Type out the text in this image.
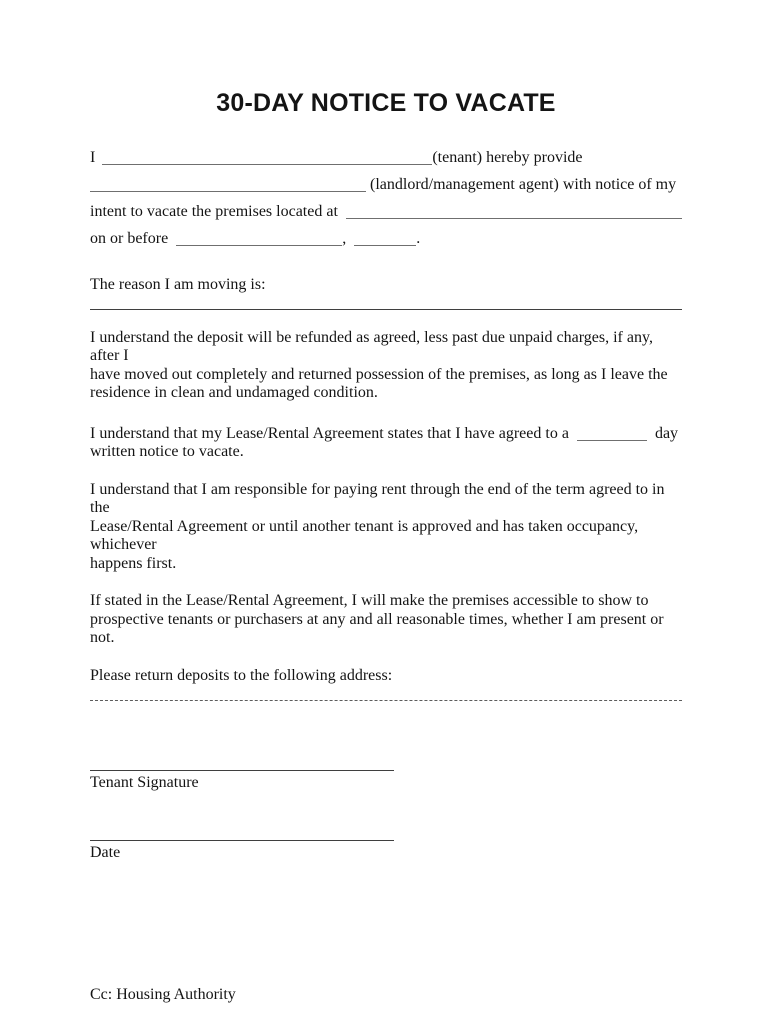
30-DAY NOTICE TO VACATE
I	(tenant) hereby provide
(landlord/management agent) with notice of my
intent to vacate the premises located at
on or before	,	.
The reason I am moving is:
I understand the deposit will be refunded as agreed, less past due unpaid charges, if any, after I
have moved out completely and returned possession of the premises, as long as I leave the
residence in clean and undamaged condition.
I understand that my Lease/Rental Agreement states that I have agreed to a	day
written notice to vacate.
I understand that I am responsible for paying rent through the end of the term agreed to in the
Lease/Rental Agreement or until another tenant is approved and has taken occupancy, whichever
happens first.
If stated in the Lease/Rental Agreement, I will make the premises accessible to show to
prospective tenants or purchasers at any and all reasonable times, whether I am present or not.
Please return deposits to the following address:
Tenant Signature
Date
Cc: Housing Authority
